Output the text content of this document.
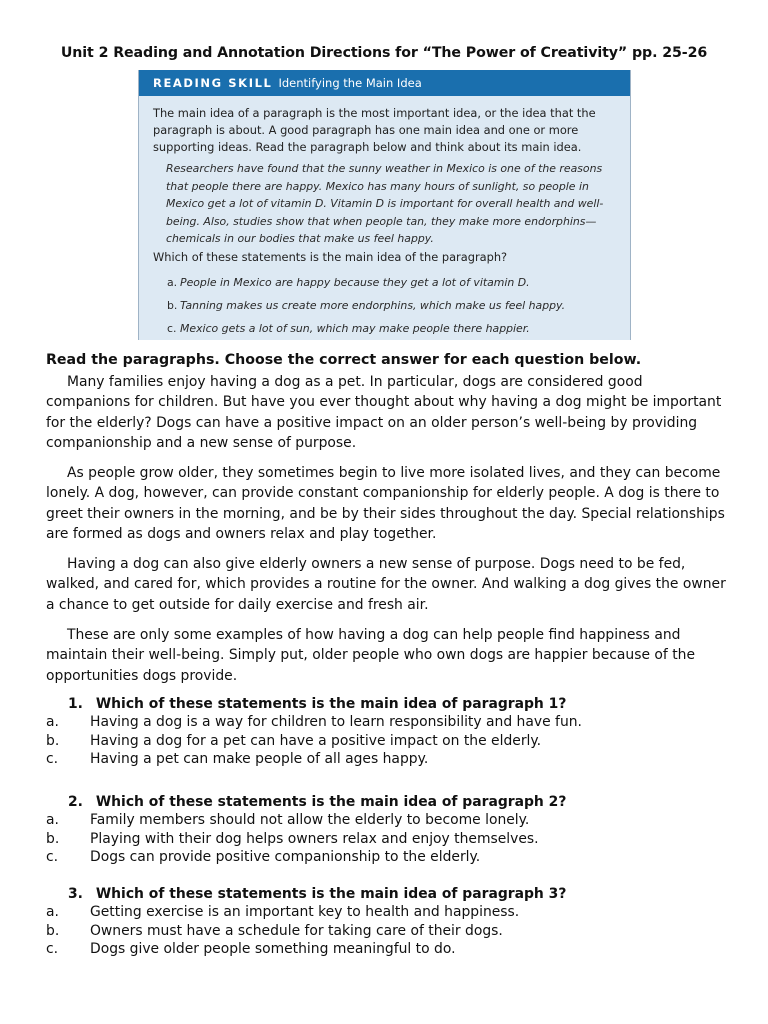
Unit 2 Reading and Annotation Directions for “The Power of Creativity” pp. 25-26
READING SKILL Identifying the Main Idea
The main idea of a paragraph is the most important idea, or the idea that the paragraph is about. A good paragraph has one main idea and one or more supporting ideas. Read the paragraph below and think about its main idea.
Researchers have found that the sunny weather in Mexico is one of the reasons that people there are happy. Mexico has many hours of sunlight, so people in Mexico get a lot of vitamin D. Vitamin D is important for overall health and well-being. Also, studies show that when people tan, they make more endorphins—chemicals in our bodies that make us feel happy.
Which of these statements is the main idea of the paragraph?
a. People in Mexico are happy because they get a lot of vitamin D.
b. Tanning makes us create more endorphins, which make us feel happy.
c. Mexico gets a lot of sun, which may make people there happier.
Read the paragraphs. Choose the correct answer for each question below.
Many families enjoy having a dog as a pet. In particular, dogs are considered good companions for children. But have you ever thought about why having a dog might be important for the elderly? Dogs can have a positive impact on an older person’s well-being by providing companionship and a new sense of purpose.
As people grow older, they sometimes begin to live more isolated lives, and they can become lonely. A dog, however, can provide constant companionship for elderly people. A dog is there to greet their owners in the morning, and be by their sides throughout the day. Special relationships are formed as dogs and owners relax and play together.
Having a dog can also give elderly owners a new sense of purpose. Dogs need to be fed, walked, and cared for, which provides a routine for the owner. And walking a dog gives the owner a chance to get outside for daily exercise and fresh air.
These are only some examples of how having a dog can help people find happiness and maintain their well-being. Simply put, older people who own dogs are happier because of the opportunities dogs provide.
1. Which of these statements is the main idea of paragraph 1?
a. Having a dog is a way for children to learn responsibility and have fun.
b. Having a dog for a pet can have a positive impact on the elderly.
c. Having a pet can make people of all ages happy.
2. Which of these statements is the main idea of paragraph 2?
a. Family members should not allow the elderly to become lonely.
b. Playing with their dog helps owners relax and enjoy themselves.
c. Dogs can provide positive companionship to the elderly.
3. Which of these statements is the main idea of paragraph 3?
a. Getting exercise is an important key to health and happiness.
b. Owners must have a schedule for taking care of their dogs.
c. Dogs give older people something meaningful to do.
